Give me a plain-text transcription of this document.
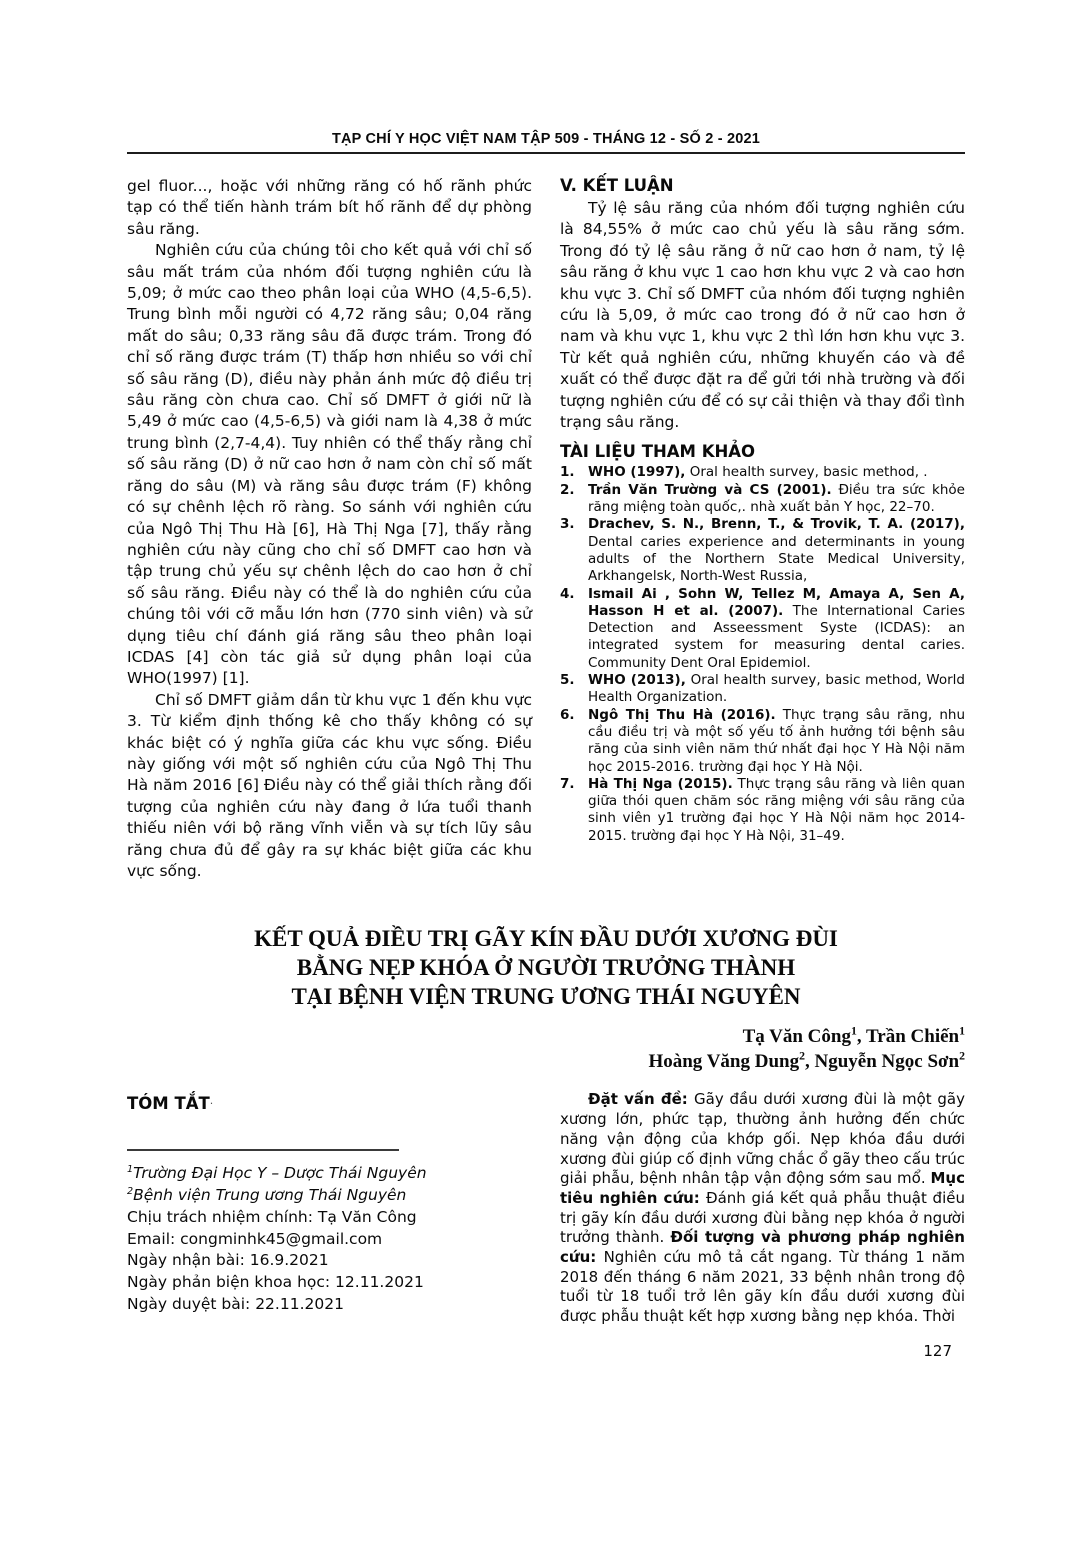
TẠP CHÍ Y HỌC VIỆT NAM TẬP 509 - THÁNG 12 - SỐ 2 - 2021

gel fluor..., hoặc với những răng có hố rãnh phức tạp có thể tiến hành trám bít hố rãnh để dự phòng sâu răng.

Nghiên cứu của chúng tôi cho kết quả với chỉ số sâu mất trám của nhóm đối tượng nghiên cứu là 5,09; ở mức cao theo phân loại của WHO (4,5-6,5). Trung bình mỗi người có 4,72 răng sâu; 0,04 răng mất do sâu; 0,33 răng sâu đã được trám. Trong đó chỉ số răng được trám (T) thấp hơn nhiều so với chỉ số sâu răng (D), điều này phản ánh mức độ điều trị sâu răng còn chưa cao. Chỉ số DMFT ở giới nữ là 5,49 ở mức cao (4,5-6,5) và giới nam là 4,38 ở mức trung bình (2,7-4,4). Tuy nhiên có thể thấy rằng chỉ số sâu răng (D) ở nữ cao hơn ở nam còn chỉ số mất răng do sâu (M) và răng sâu được trám (F) không có sự chênh lệch rõ ràng. So sánh với nghiên cứu của Ngô Thị Thu Hà [6], Hà Thị Nga [7], thấy rằng nghiên cứu này cũng cho chỉ số DMFT cao hơn và tập trung chủ yếu sự chênh lệch do cao hơn ở chỉ số sâu răng. Điều này có thể là do nghiên cứu của chúng tôi với cỡ mẫu lớn hơn (770 sinh viên) và sử dụng tiêu chí đánh giá răng sâu theo phân loại ICDAS [4] còn tác giả sử dụng phân loại của WHO(1997) [1].

Chỉ số DMFT giảm dần từ khu vực 1 đến khu vực 3. Từ kiểm định thống kê cho thấy không có sự khác biệt có ý nghĩa giữa các khu vực sống. Điều này giống với một số nghiên cứu của Ngô Thị Thu Hà năm 2016 [6] Điều này có thể giải thích rằng đối tượng của nghiên cứu này đang ở lứa tuổi thanh thiếu niên với bộ răng vĩnh viễn và sự tích lũy sâu răng chưa đủ để gây ra sự khác biệt giữa các khu vực sống.

V. KẾT LUẬN

Tỷ lệ sâu răng của nhóm đối tượng nghiên cứu là 84,55% ở mức cao chủ yếu là sâu răng sớm. Trong đó tỷ lệ sâu răng ở nữ cao hơn ở nam, tỷ lệ sâu răng ở khu vực 1 cao hơn khu vực 2 và cao hơn khu vực 3. Chỉ số DMFT của nhóm đối tượng nghiên cứu là 5,09, ở mức cao trong đó ở nữ cao hơn ở nam và khu vực 1, khu vực 2 thì lớn hơn khu vực 3. Từ kết quả nghiên cứu, những khuyến cáo và đề xuất có thể được đặt ra để gửi tới nhà trường và đối tượng nghiên cứu để có sự cải thiện và thay đổi tình trạng sâu răng.

TÀI LIỆU THAM KHẢO
1. WHO (1997), Oral health survey, basic method, .
2. Trần Văn Trường và CS (2001). Điều tra sức khỏe răng miệng toàn quốc,. nhà xuất bản Y học, 22–70.
3. Drachev, S. N., Brenn, T., & Trovik, T. A. (2017), Dental caries experience and determinants in young adults of the Northern State Medical University, Arkhangelsk, North-West Russia,
4. Ismail Ai , Sohn W, Tellez M, Amaya A, Sen A, Hasson H et al. (2007). The International Caries Detection and Asseessment Syste (ICDAS): an integrated system for measuring dental caries. Community Dent Oral Epidemiol.
5. WHO (2013), Oral health survey, basic method, World Health Organization.
6. Ngô Thị Thu Hà (2016). Thực trạng sâu răng, nhu cầu điều trị và một số yếu tố ảnh hưởng tới bệnh sâu răng của sinh viên năm thứ nhất đại học Y Hà Nội năm học 2015-2016. trường đại học Y Hà Nội.
7. Hà Thị Nga (2015). Thực trạng sâu răng và liên quan giữa thói quen chăm sóc răng miệng với sâu răng của sinh viên y1 trường đại học Y Hà Nội năm học 2014-2015. trường đại học Y Hà Nội, 31–49.
KẾT QUẢ ĐIỀU TRỊ GÃY KÍN ĐẦU DƯỚI XƯƠNG ĐÙI
BẰNG NẸP KHÓA Ở NGƯỜI TRƯỞNG THÀNH
TẠI BỆNH VIỆN TRUNG ƯƠNG THÁI NGUYÊN
Tạ Văn Công$^1$, Trần Chiến$^1$
Hoàng Văng Dung$^2$, Nguyễn Ngọc Sơn$^2$
TÓM TẮT.
$^1$Trường Đại Học Y – Dược Thái Nguyên
$^2$Bệnh viện Trung ương Thái Nguyên
Chịu trách nhiệm chính: Tạ Văn Công
Email: congminhk45@gmail.com
Ngày nhận bài: 16.9.2021
Ngày phản biện khoa học: 12.11.2021
Ngày duyệt bài: 22.11.2021

Đặt vấn đề: Gãy đầu dưới xương đùi là một gãy xương lớn, phức tạp, thường ảnh hưởng đến chức năng vận động của khớp gối. Nẹp khóa đầu dưới xương đùi giúp cố định vững chắc ổ gãy theo cấu trúc giải phẫu, bệnh nhân tập vận động sớm sau mổ. Mục tiêu nghiên cứu: Đánh giá kết quả phẫu thuật điều trị gãy kín đầu dưới xương đùi bằng nẹp khóa ở người trưởng thành. Đối tượng và phương pháp nghiên cứu: Nghiên cứu mô tả cắt ngang. Từ tháng 1 năm 2018 đến tháng 6 năm 2021, 33 bệnh nhân trong độ tuổi từ 18 tuổi trở lên gãy kín đầu dưới xương đùi được phẫu thuật kết hợp xương bằng nẹp khóa. Thời

127
